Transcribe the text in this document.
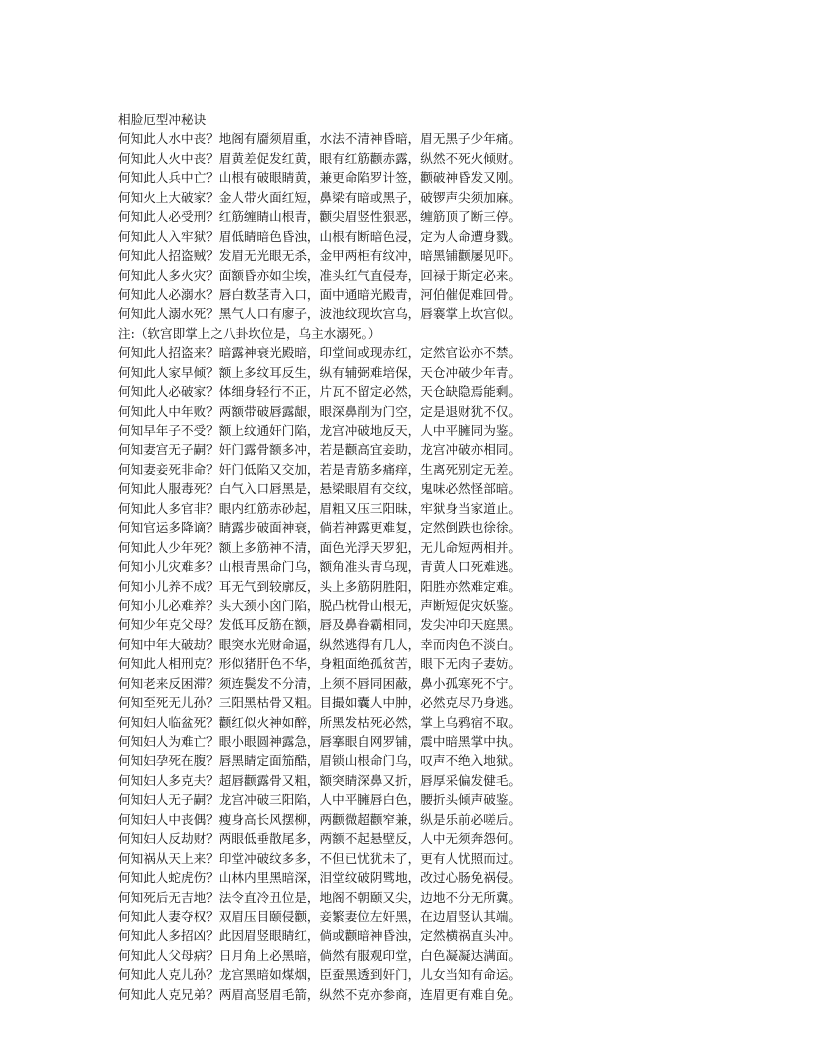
相脸厄型冲秘诀
何知此人水中丧？地阁有靥须眉重，水法不清神昏暗，眉无黑子少年痛。
何知此人火中丧？眉黄差促发红黄，眼有红筋颧赤露，纵然不死火倾财。
何知此人兵中亡？山根有破眼睛黄，兼更命陷罗计签，颧破神昏发又刚。
何知火上大破家？金人带火面红短，鼻梁有暗或黑子，破锣声尖须加麻。
何知此人必受刑？红筋缠睛山根青，颧尖眉竖性狠恶，缠筋顶了断三停。
何知此人入牢狱？眉低睛暗色昏浊，山根有断暗色浸，定为人命遭身戮。
何知此人招盗贼？发眉无光眼无杀，金甲两柜有纹冲，暗黑铺颧屡见吓。
何知此人多火灾？面额昏亦如尘埃，准头红气直侵寿，回禄于斯定必来。
何知此人必溺水？唇白数茎青入口，面中通暗光殿青，河伯催促难回骨。
何知此人溺水死？黑气人口有廖子，波池纹现坎宫乌，唇褰掌上坎宫似。
注:（软宫即掌上之八卦坎位是，乌主水溺死。）
何知此人招盗来？暗露神衰光殿暗，印堂间或现赤红，定然官讼亦不禁。
何知此人家早倾？额上多纹耳反生，纵有辅弼难培保，天仓冲破少年青。
何知此人必破家？体细身轻行不正，片瓦不留定必然，天仓缺隐焉能剩。
何知此人中年败？两额带破唇露龈，眼深鼻削为门空，定是退财犹不仅。
何知早年子不受？额上纹通奸门陷，龙宫冲破地反天，人中平臃同为鉴。
何知妻宫无子嗣？奸门露骨额多冲，若是颧高宜妾助，龙宫冲破亦相同。
何知妻妾死非命？奸门低陷又交加，若是青筋多痛痒，生离死别定无差。
何知此人服毒死？白气入口唇黑是，悬梁眼眉有交纹，鬼味必然怪部暗。
何知此人多官非？眼内红筋赤砂起，眉粗又压三阳昧，牢狱身当家道止。
何知官运多降谪？睛露步破面神衰，倘若神露更难复，定然倒跌也徐徐。
何知此人少年死？额上多筋神不清，面色光浮天罗犯，无儿命短两相并。
何知小儿灾难多？山根青黑命门乌，额角准头青乌现，青黄人口死难逃。
何知小儿养不成？耳无气到较廓反，头上多筋阴胜阳，阳胜亦然难定难。
何知小儿必难养？头大颈小囟门陷，脱凸枕骨山根无，声断短促灾妖鉴。
何知少年克父母？发低耳反筋在额，唇及鼻眷霸相同，发尖冲印天庭黑。
何知中年大破劫？眼突水光财命逼，纵然逃得有几人，幸而肉色不淡白。
何知此人相刑克？形似猪肝色不华，身粗面绝孤贫苦，眼下无肉子妻妨。
何知老来反困滞？须连鬓发不分清，上须不唇同困蔽，鼻小孤寒死不宁。
何知至死无儿孙？三阳黑枯骨又粗。目撮如囊人中肿，必然克尽乃身逃。
何知妇人临盆死？颧红似火神如醉，所黑发枯死必然，掌上乌鸦宿不取。
何知妇人为难亡？眼小眼圆神露急，唇搴眼自网罗铺，震中暗黑掌中执。
何知妇孕死在腹？唇黑睛定面笳酷，眉锁山根命门乌，叹声不绝入地狱。
何知妇人多克夫？超唇颧露骨又粗，额突睛深鼻又折，唇厚采偏发健毛。
何知妇人无子嗣？龙宫冲破三阳陷，人中平臃唇白色，腰折头倾声破鉴。
何知妇人中丧偶？瘦身高长风摆柳，两颧微超颧窄兼，纵是乐前必嗟后。
何知妇人反劫财？两眼低垂散尾多，两额不起悬壁反，人中无须奔怨何。
何知祸从天上来？印堂冲破纹多多，不但已忧犹未了，更有人忧照而过。
何知此人蛇虎伤？山林内里黑暗深，泪堂纹破阴骘地，改过心肠免祸侵。
何知死后无吉地？法令直冷丑位是，地阁不朝颐又尖，边地不分无所冀。
何知此人妻夺权？双眉压目颐侵颧，妾繁妻位左奸黑，在边眉竖认其端。
何知此人多招凶？此因眉竖眼睛红，倘或颧暗神昏浊，定然横祸直头冲。
何知此人父母病？日月角上必黑暗，倘然有服观印堂，白色凝凝达满面。
何知此人克儿孙？龙宫黑暗如煤烟，臣蚕黑透到奸门，儿女当知有命运。
何知此人克兄弟？两眉高竖眉毛箭，纵然不克亦参商，连眉更有难自免。
